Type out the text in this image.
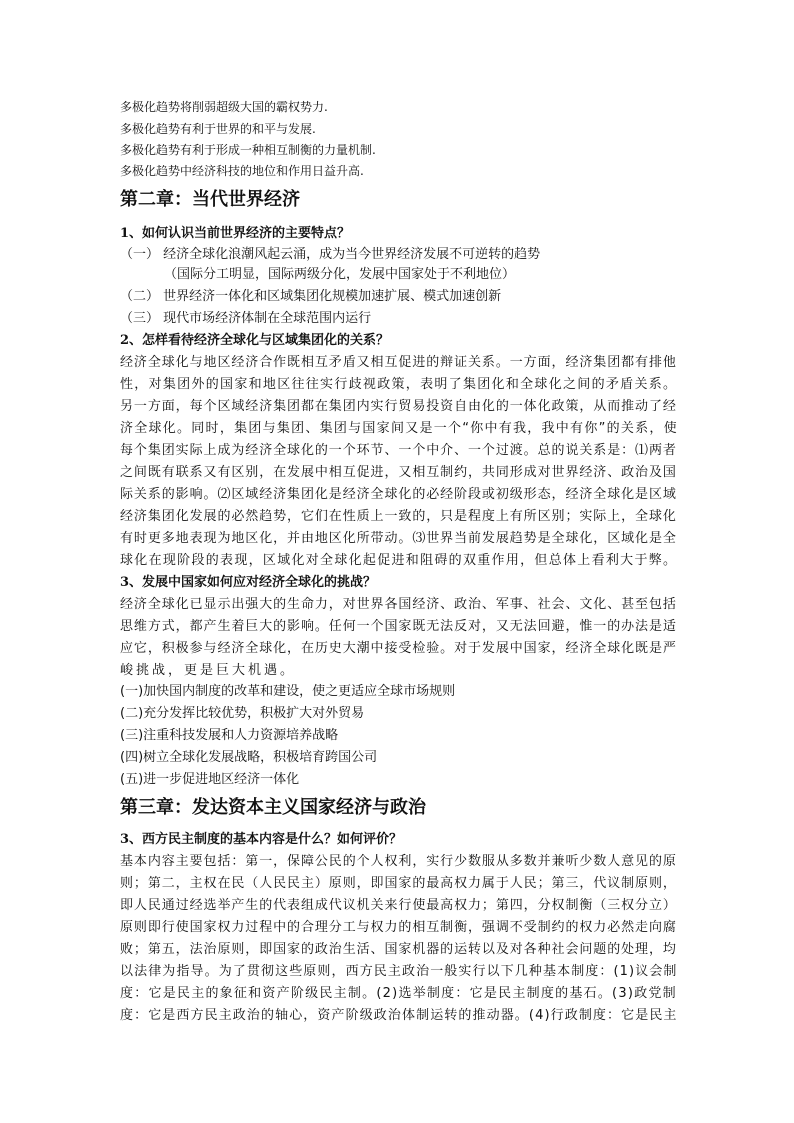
多极化趋势将削弱超级大国的霸权势力.
多极化趋势有利于世界的和平与发展.
多极化趋势有利于形成一种相互制衡的力量机制.
多极化趋势中经济科技的地位和作用日益升高.
第二章：当代世界经济
1、如何认识当前世界经济的主要特点？
（一） 经济全球化浪潮风起云涌，成为当今世界经济发展不可逆转的趋势
（国际分工明显，国际两级分化，发展中国家处于不利地位）
（二） 世界经济一体化和区域集团化规模加速扩展、模式加速创新
（三） 现代市场经济体制在全球范围内运行
2、怎样看待经济全球化与区域集团化的关系？
经济全球化与地区经济合作既相互矛盾又相互促进的辩证关系。一方面，经济集团都有排他
性，对集团外的国家和地区往往实行歧视政策，表明了集团化和全球化之间的矛盾关系。
另一方面，每个区域经济集团都在集团内实行贸易投资自由化的一体化政策，从而推动了经
济全球化。同时，集团与集团、集团与国家间又是一个“你中有我，我中有你”的关系，使
每个集团实际上成为经济全球化的一个环节、一个中介、一个过渡。总的说关系是：⑴两者
之间既有联系又有区别，在发展中相互促进，又相互制约，共同形成对世界经济、政治及国
际关系的影响。⑵区域经济集团化是经济全球化的必经阶段或初级形态，经济全球化是区域
经济集团化发展的必然趋势，它们在性质上一致的，只是程度上有所区别；实际上，全球化
有时更多地表现为地区化，并由地区化所带动。⑶世界当前发展趋势是全球化，区域化是全
球化在现阶段的表现，区域化对全球化起促进和阻碍的双重作用，但总体上看利大于弊。
3、发展中国家如何应对经济全球化的挑战？
经济全球化已显示出强大的生命力，对世界各国经济、政治、军事、社会、文化、甚至包括
思维方式，都产生着巨大的影响。任何一个国家既无法反对，又无法回避，惟一的办法是适
应它，积极参与经济全球化，在历史大潮中接受检验。对于发展中国家，经济全球化既是严
峻挑战，更是巨大机遇。
(一)加快国内制度的改革和建设，使之更适应全球市场规则
(二)充分发挥比较优势，积极扩大对外贸易
(三)注重科技发展和人力资源培养战略
(四)树立全球化发展战略，积极培育跨国公司
(五)进一步促进地区经济一体化
第三章：发达资本主义国家经济与政治
3、西方民主制度的基本内容是什么？如何评价？
基本内容主要包括：第一，保障公民的个人权利，实行少数服从多数并兼听少数人意见的原
则；第二，主权在民（人民民主）原则，即国家的最高权力属于人民；第三，代议制原则，
即人民通过经选举产生的代表组成代议机关来行使最高权力；第四，分权制衡（三权分立）
原则即行使国家权力过程中的合理分工与权力的相互制衡，强调不受制约的权力必然走向腐
败；第五，法治原则，即国家的政治生活、国家机器的运转以及对各种社会问题的处理，均
以法律为指导。为了贯彻这些原则，西方民主政治一般实行以下几种基本制度：(1)议会制
度：它是民主的象征和资产阶级民主制。(2)选举制度：它是民主制度的基石。(3)政党制
度：它是西方民主政治的轴心，资产阶级政治体制运转的推动器。(4)行政制度：它是民主
